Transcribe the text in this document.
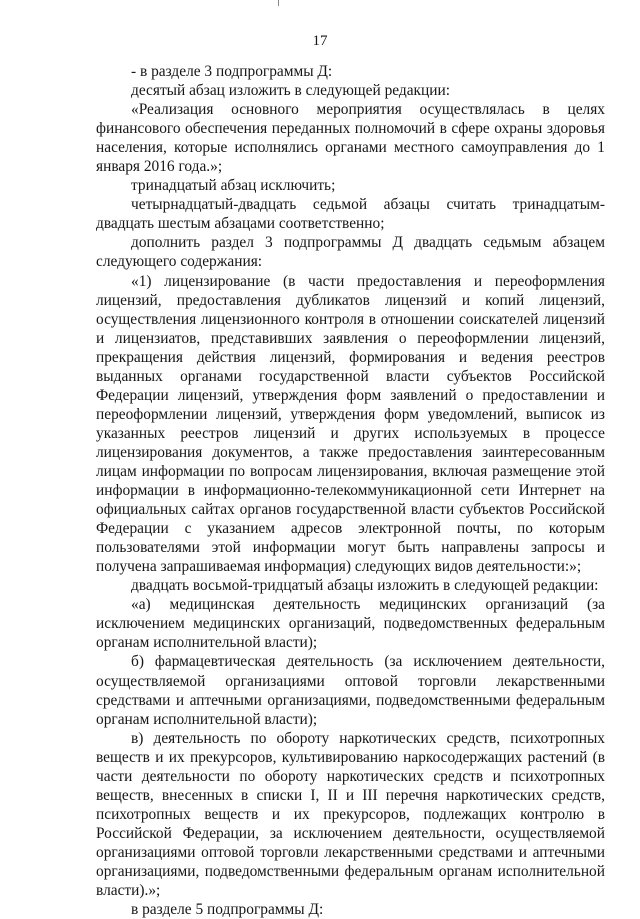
17

- в разделе 3 подпрограммы Д:

десятый абзац изложить в следующей редакции:

«Реализация основного мероприятия осуществлялась в целях финансового обеспечения переданных полномочий в сфере охраны здоровья населения, которые исполнялись органами местного самоуправления до 1 января 2016 года.»;

тринадцатый абзац исключить;

четырнадцатый-двадцать седьмой абзацы считать тринадцатым-двадцать шестым абзацами соответственно;

дополнить раздел 3 подпрограммы Д двадцать седьмым абзацем следующего содержания:

«1) лицензирование (в части предоставления и переоформления лицензий, предоставления дубликатов лицензий и копий лицензий, осуществления лицензионного контроля в отношении соискателей лицензий и лицензиатов, представивших заявления о переоформлении лицензий, прекращения действия лицензий, формирования и ведения реестров выданных органами государственной власти субъектов Российской Федерации лицензий, утверждения форм заявлений о предоставлении и переоформлении лицензий, утверждения форм уведомлений, выписок из указанных реестров лицензий и других используемых в процессе лицензирования документов, а также предоставления заинтересованным лицам информации по вопросам лицензирования, включая размещение этой информации в информационно-телекоммуникационной сети Интернет на официальных сайтах органов государственной власти субъектов Российской Федерации с указанием адресов электронной почты, по которым пользователями этой информации могут быть направлены запросы и получена запрашиваемая информация) следующих видов деятельности:»;

двадцать восьмой-тридцатый абзацы изложить в следующей редакции:

«а) медицинская деятельность медицинских организаций (за исключением медицинских организаций, подведомственных федеральным органам исполнительной власти);

б) фармацевтическая деятельность (за исключением деятельности, осуществляемой организациями оптовой торговли лекарственными средствами и аптечными организациями, подведомственными федеральным органам исполнительной власти);

в) деятельность по обороту наркотических средств, психотропных веществ и их прекурсоров, культивированию наркосодержащих растений (в части деятельности по обороту наркотических средств и психотропных веществ, внесенных в списки I, II и III перечня наркотических средств, психотропных веществ и их прекурсоров, подлежащих контролю в Российской Федерации, за исключением деятельности, осуществляемой организациями оптовой торговли лекарственными средствами и аптечными организациями, подведомственными федеральным органам исполнительной власти).»;

в разделе 5 подпрограммы Д:
